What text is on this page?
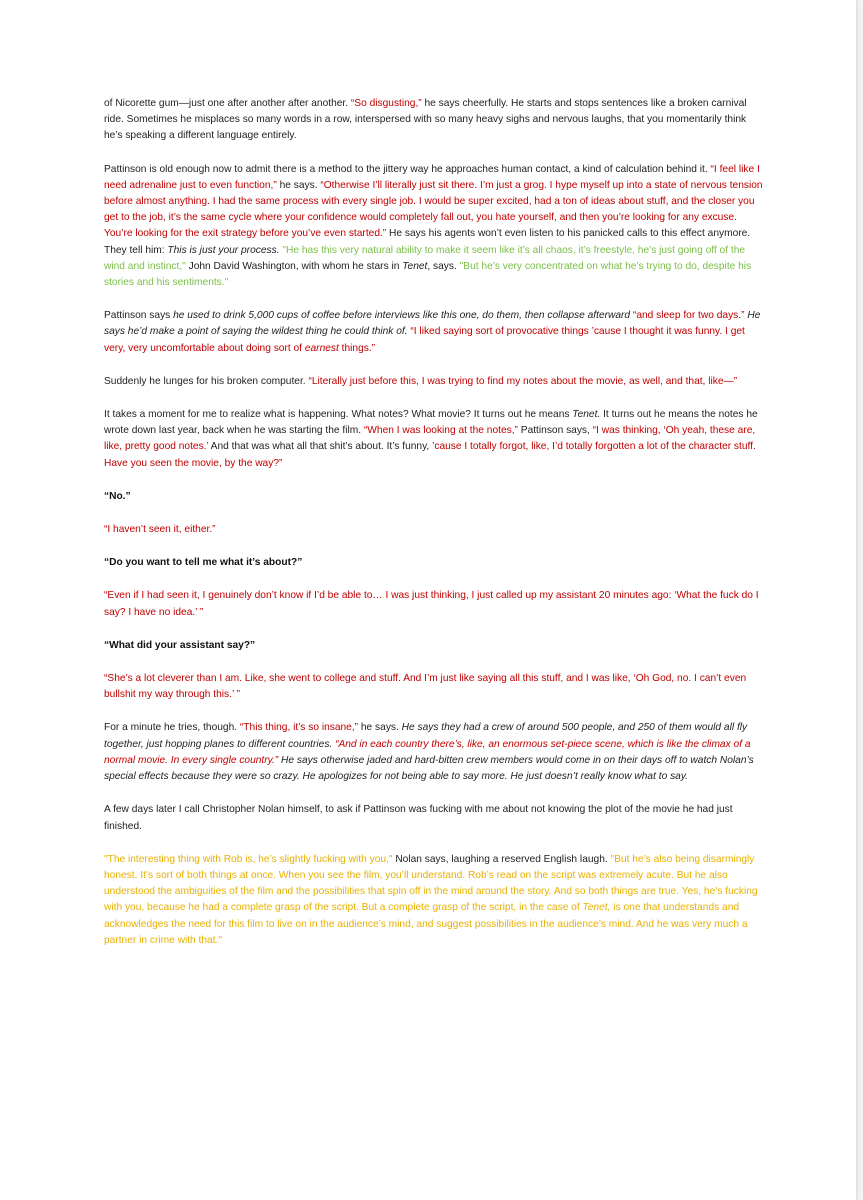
of Nicorette gum—just one after another after another. “So disgusting,” he says cheerfully. He starts and stops sentences like a broken carnival ride. Sometimes he misplaces so many words in a row, interspersed with so many heavy sighs and nervous laughs, that you momentarily think he’s speaking a different language entirely.

Pattinson is old enough now to admit there is a method to the jittery way he approaches human contact, a kind of calculation behind it. “I feel like I need adrenaline just to even function,” he says. “Otherwise I’ll literally just sit there. I’m just a grog. I hype myself up into a state of nervous tension before almost anything. I had the same process with every single job. I would be super excited, had a ton of ideas about stuff, and the closer you get to the job, it’s the same cycle where your confidence would completely fall out, you hate yourself, and then you’re looking for any excuse. You’re looking for the exit strategy before you’ve even started.” He says his agents won’t even listen to his panicked calls to this effect anymore. They tell him: This is just your process. "He has this very natural ability to make it seem like it’s all chaos, it’s freestyle, he’s just going off of the wind and instinct," John David Washington, with whom he stars in Tenet, says. "But he’s very concentrated on what he’s trying to do, despite his stories and his sentiments."

Pattinson says he used to drink 5,000 cups of coffee before interviews like this one, do them, then collapse afterward “and sleep for two days.” He says he’d make a point of saying the wildest thing he could think of. “I liked saying sort of provocative things ’cause I thought it was funny. I get very, very uncomfortable about doing sort of earnest things.”

Suddenly he lunges for his broken computer. “Literally just before this, I was trying to find my notes about the movie, as well, and that, like—”

It takes a moment for me to realize what is happening. What notes? What movie? It turns out he means Tenet. It turns out he means the notes he wrote down last year, back when he was starting the film. “When I was looking at the notes,” Pattinson says, “I was thinking, ‘Oh yeah, these are, like, pretty good notes.’ And that was what all that shit’s about. It’s funny, ’cause I totally forgot, like, I’d totally forgotten a lot of the character stuff. Have you seen the movie, by the way?”

“No.”

“I haven’t seen it, either.”

“Do you want to tell me what it’s about?”

“Even if I had seen it, I genuinely don’t know if I’d be able to… I was just thinking, I just called up my assistant 20 minutes ago: ‘What the fuck do I say? I have no idea.’ ”

“What did your assistant say?”

“She’s a lot cleverer than I am. Like, she went to college and stuff. And I’m just like saying all this stuff, and I was like, ‘Oh God, no. I can’t even bullshit my way through this.’ ”

For a minute he tries, though. “This thing, it’s so insane,” he says. He says they had a crew of around 500 people, and 250 of them would all fly together, just hopping planes to different countries. “And in each country there’s, like, an enormous set-piece scene, which is like the climax of a normal movie. In every single country.” He says otherwise jaded and hard-bitten crew members would come in on their days off to watch Nolan’s special effects because they were so crazy. He apologizes for not being able to say more. He just doesn’t really know what to say.

A few days later I call Christopher Nolan himself, to ask if Pattinson was fucking with me about not knowing the plot of the movie he had just finished.

"The interesting thing with Rob is, he’s slightly fucking with you," Nolan says, laughing a reserved English laugh. "But he’s also being disarmingly honest. It’s sort of both things at once. When you see the film, you’ll understand. Rob’s read on the script was extremely acute. But he also understood the ambiguities of the film and the possibilities that spin off in the mind around the story. And so both things are true. Yes, he’s fucking with you, because he had a complete grasp of the script. But a complete grasp of the script, in the case of Tenet, is one that understands and acknowledges the need for this film to live on in the audience’s mind, and suggest possibilities in the audience’s mind. And he was very much a partner in crime with that."
